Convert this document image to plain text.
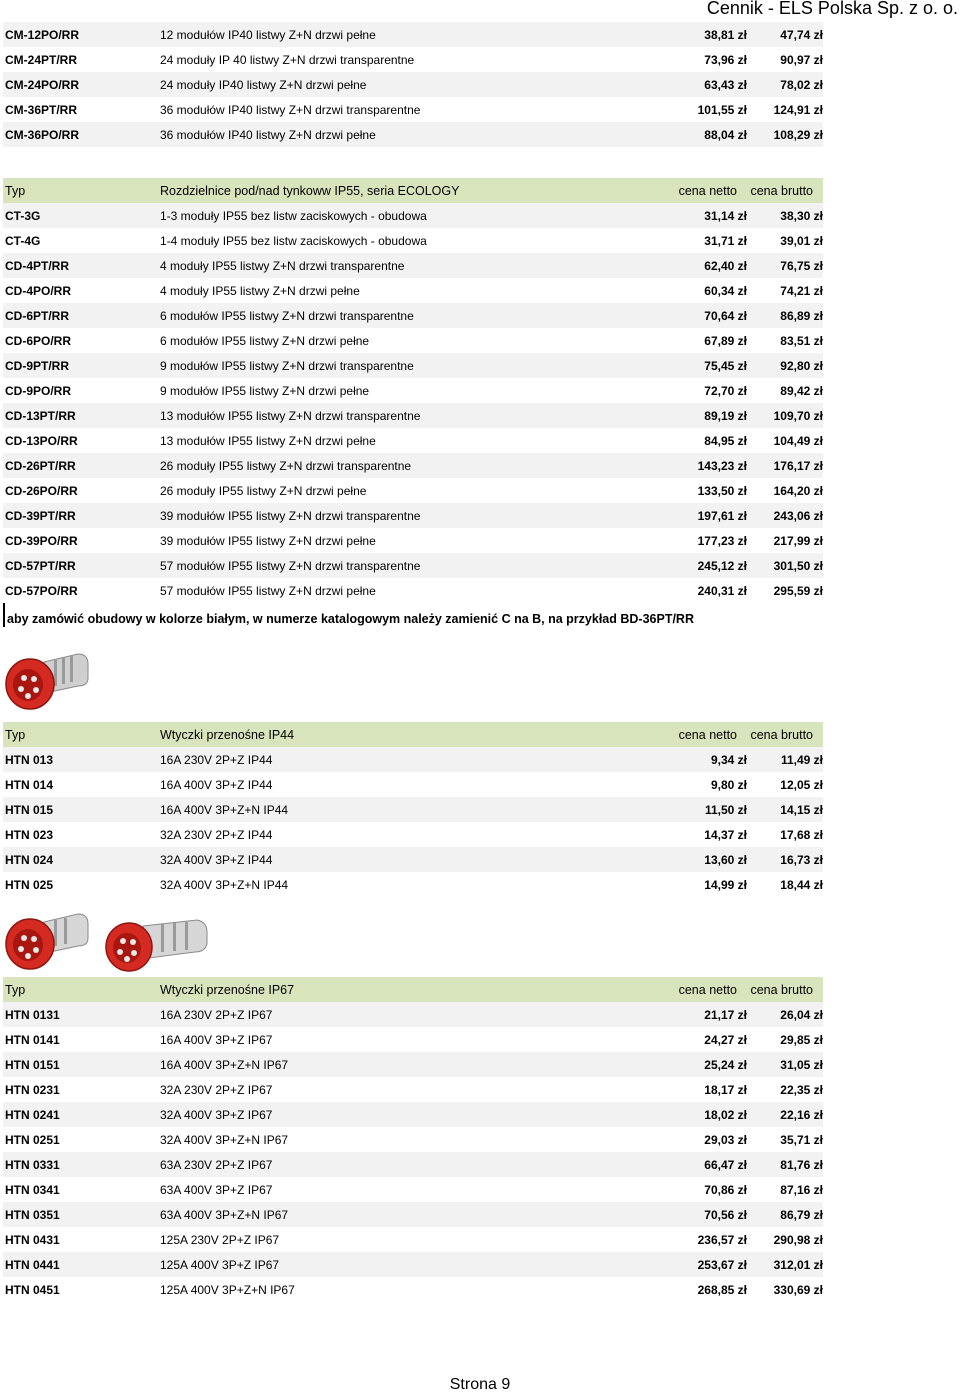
Cennik - ELS Polska Sp. z o. o.
CM-12PO/RR	12 modułów IP40 listwy Z+N drzwi pełne	38,81 zł	47,74 zł
CM-24PT/RR	24 moduły IP 40 listwy Z+N drzwi transparentne	73,96 zł	90,97 zł
CM-24PO/RR	24 moduły IP40 listwy Z+N drzwi pełne	63,43 zł	78,02 zł
CM-36PT/RR	36 modułów IP40 listwy Z+N drzwi transparentne	101,55 zł 124,91 zł
CM-36PO/RR	36 modułów IP40 listwy Z+N drzwi pełne	88,04 zł 108,29 zł
Typ	Rozdzielnice pod/nad tynkoww IP55, seria ECOLOGY	cena netto cena brutto
CT-3G	1-3 moduły IP55 bez listw zaciskowych - obudowa	31,14 zł	38,30 zł
CT-4G	1-4 moduły IP55 bez listw zaciskowych - obudowa	31,71 zł	39,01 zł
CD-4PT/RR	4 moduły IP55 listwy Z+N drzwi transparentne	62,40 zł	76,75 zł
CD-4PO/RR	4 moduły IP55 listwy Z+N drzwi pełne	60,34 zł	74,21 zł
CD-6PT/RR	6 modułów IP55 listwy Z+N drzwi transparentne	70,64 zł	86,89 zł
CD-6PO/RR	6 modułów IP55 listwy Z+N drzwi pełne	67,89 zł	83,51 zł
CD-9PT/RR	9 modułów IP55 listwy Z+N drzwi transparentne	75,45 zł	92,80 zł
CD-9PO/RR	9 modułów IP55 listwy Z+N drzwi pełne	72,70 zł	89,42 zł
CD-13PT/RR	13 modułów IP55 listwy Z+N drzwi transparentne	89,19 zł 109,70 zł
CD-13PO/RR	13 modułów IP55 listwy Z+N drzwi pełne	84,95 zł 104,49 zł
CD-26PT/RR	26 moduły IP55 listwy Z+N drzwi transparentne	143,23 zł 176,17 zł
CD-26PO/RR	26 moduły IP55 listwy Z+N drzwi pełne	133,50 zł 164,20 zł
CD-39PT/RR	39 modułów IP55 listwy Z+N drzwi transparentne	197,61 zł 243,06 zł
CD-39PO/RR	39 modułów IP55 listwy Z+N drzwi pełne	177,23 zł 217,99 zł
CD-57PT/RR	57 modułów IP55 listwy Z+N drzwi transparentne	245,12 zł 301,50 zł
CD-57PO/RR	57 modułów IP55 listwy Z+N drzwi pełne	240,31 zł 295,59 zł
aby zamówić obudowy w kolorze białym, w numerze katalogowym należy zamienić C na B, na przykład BD-36PT/RR
Typ	Wtyczki przenośne IP44	cena netto cena brutto
HTN 013	16A 230V 2P+Z IP44	9,34 zł	11,49 zł
HTN 014	16A 400V 3P+Z IP44	9,80 zł	12,05 zł
HTN 015	16A 400V 3P+Z+N IP44	11,50 zł	14,15 zł
HTN 023	32A 230V 2P+Z IP44	14,37 zł	17,68 zł
HTN 024	32A 400V 3P+Z IP44	13,60 zł	16,73 zł
HTN 025	32A 400V 3P+Z+N IP44	14,99 zł	18,44 zł
Typ	Wtyczki przenośne IP67	cena netto cena brutto
HTN 0131	16A 230V 2P+Z IP67	21,17 zł	26,04 zł
HTN 0141	16A 400V 3P+Z IP67	24,27 zł	29,85 zł
HTN 0151	16A 400V 3P+Z+N IP67	25,24 zł	31,05 zł
HTN 0231	32A 230V 2P+Z IP67	18,17 zł	22,35 zł
HTN 0241	32A 400V 3P+Z IP67	18,02 zł	22,16 zł
HTN 0251	32A 400V 3P+Z+N IP67	29,03 zł	35,71 zł
HTN 0331	63A 230V 2P+Z IP67	66,47 zł	81,76 zł
HTN 0341	63A 400V 3P+Z IP67	70,86 zł	87,16 zł
HTN 0351	63A 400V 3P+Z+N IP67	70,56 zł	86,79 zł
HTN 0431	125A 230V 2P+Z IP67	236,57 zł 290,98 zł
HTN 0441	125A 400V 3P+Z IP67	253,67 zł 312,01 zł
HTN 0451	125A 400V 3P+Z+N IP67	268,85 zł 330,69 zł
Strona 9
